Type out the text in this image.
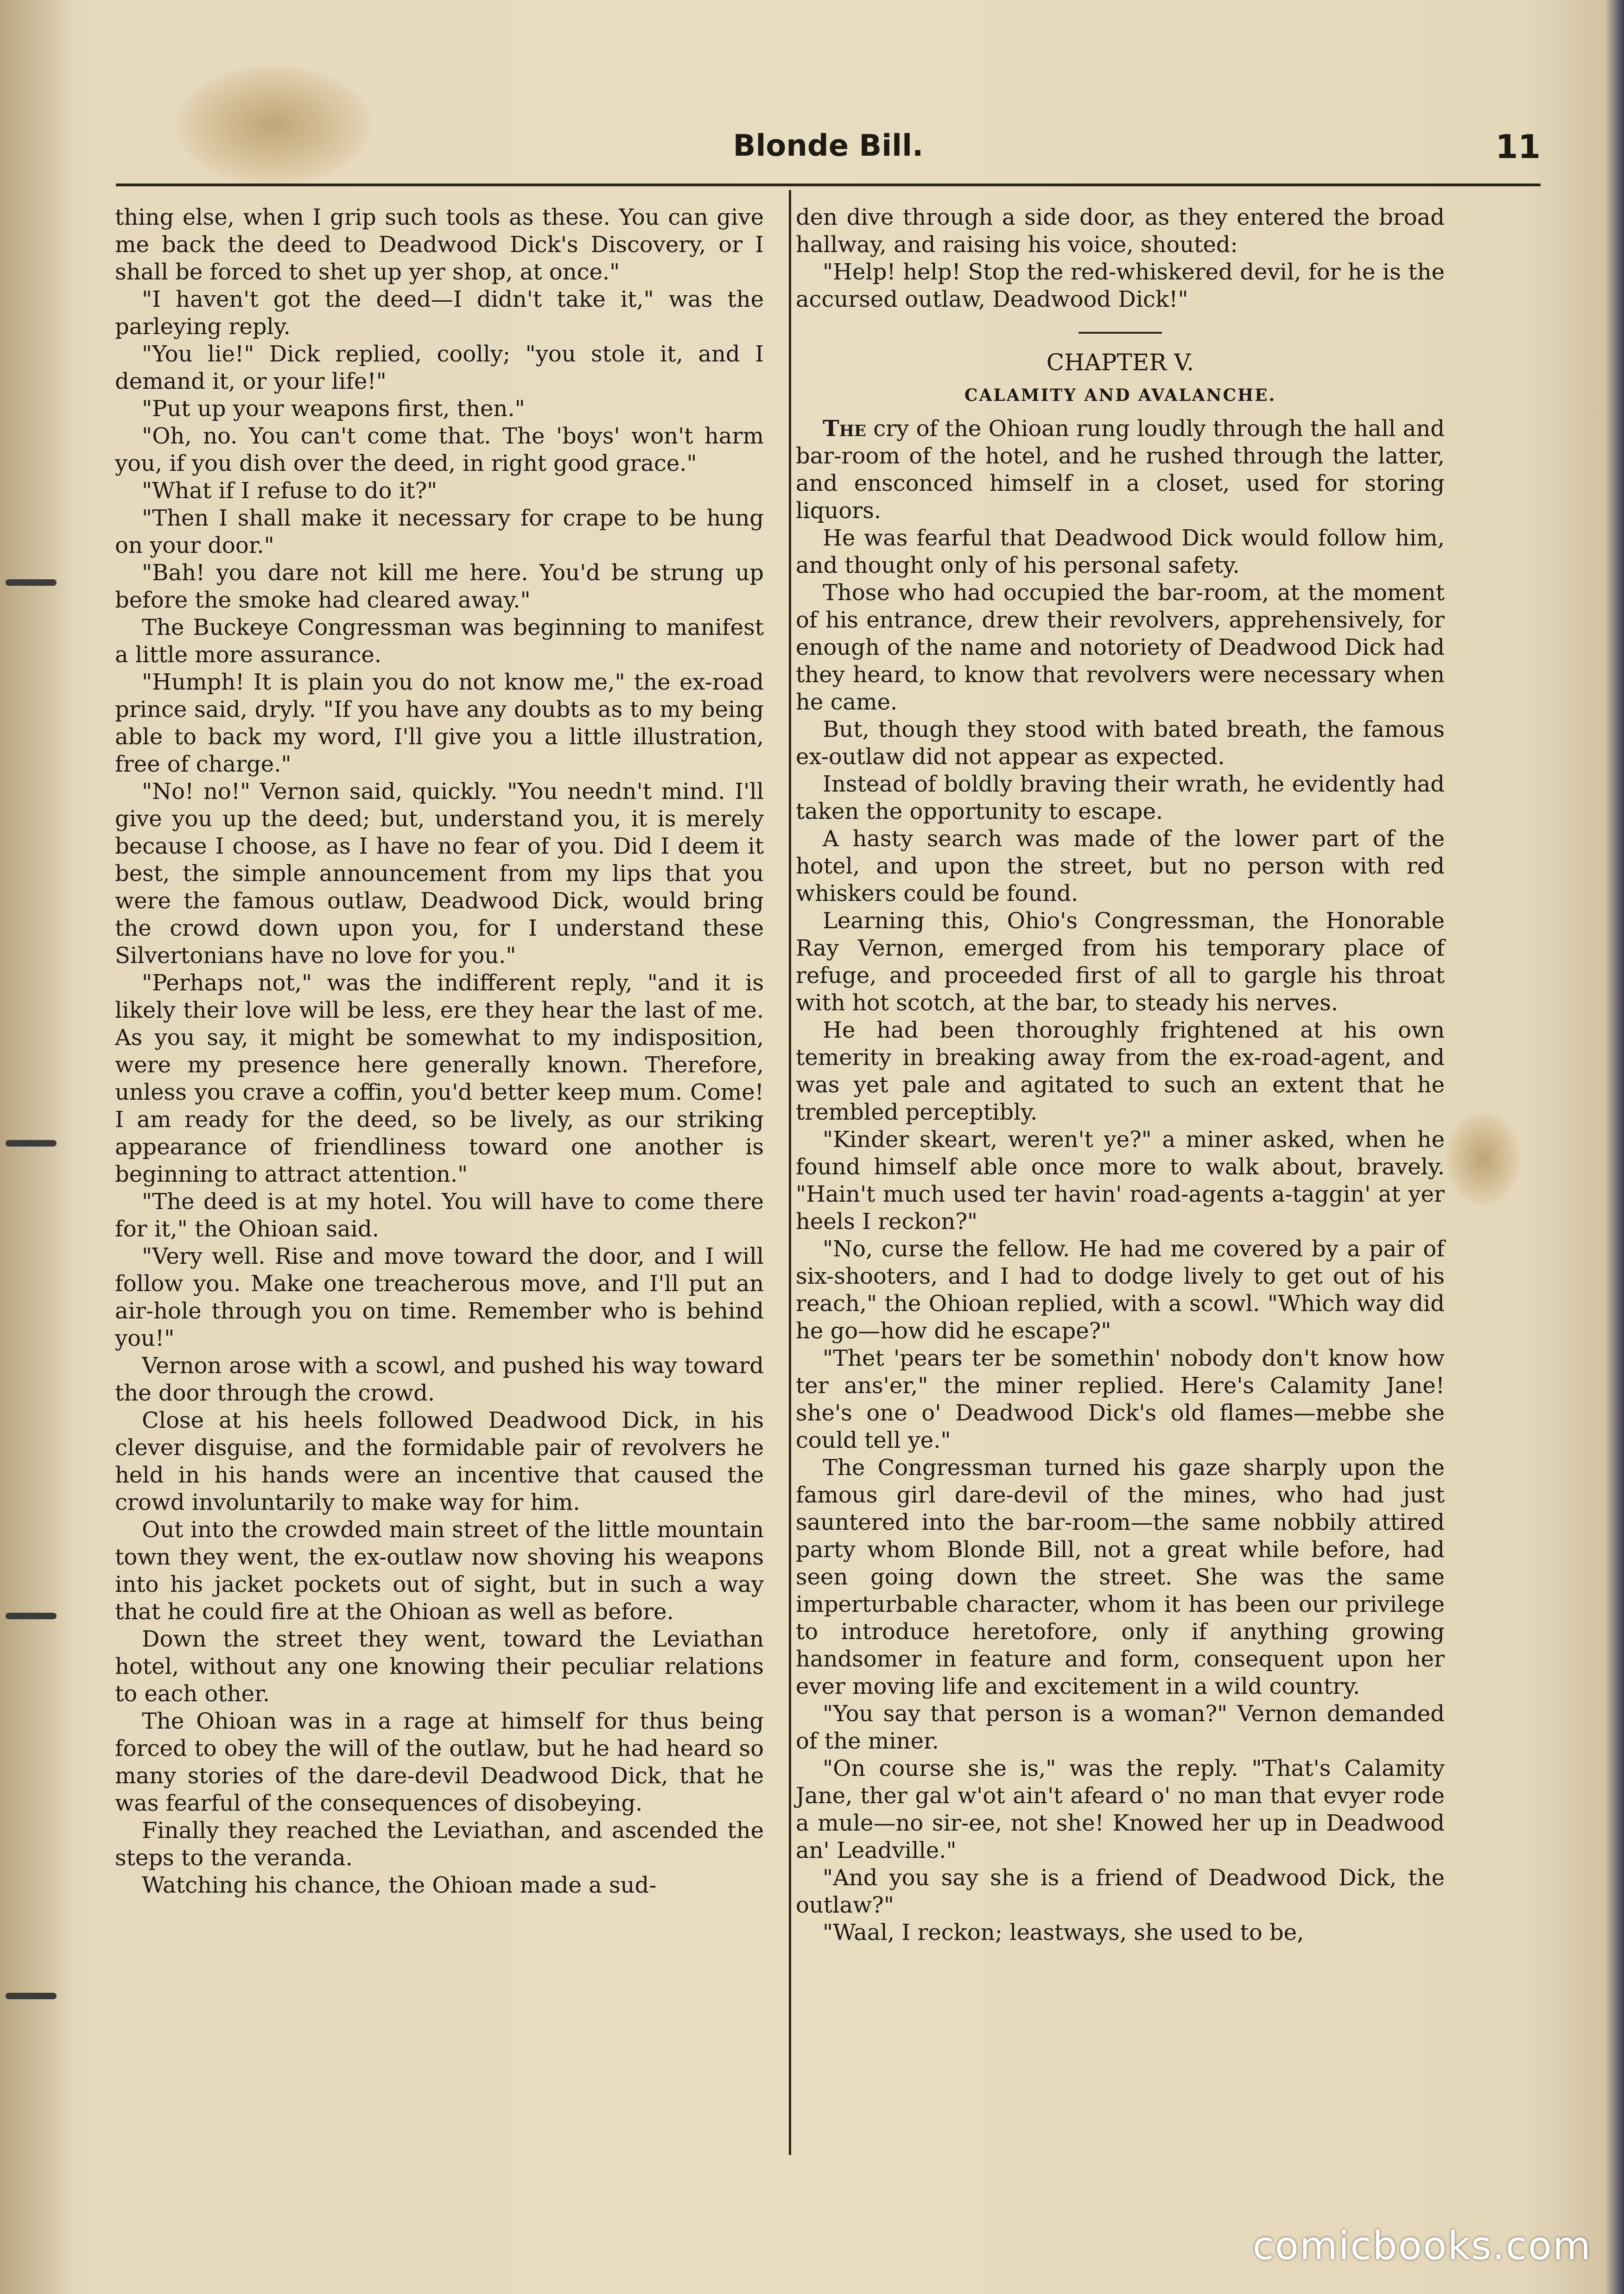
Blonde Bill.	11

thing else, when I grip such tools as these. You can give me back the deed to Deadwood Dick's Discovery, or I shall be forced to shet up yer shop, at once."

"I haven't got the deed—I didn't take it," was the parleying reply.

"You lie!" Dick replied, coolly; "you stole it, and I demand it, or your life!"

"Put up your weapons first, then."

"Oh, no. You can't come that. The 'boys' won't harm you, if you dish over the deed, in right good grace."

"What if I refuse to do it?"

"Then I shall make it necessary for crape to be hung on your door."

"Bah! you dare not kill me here. You'd be strung up before the smoke had cleared away."

The Buckeye Congressman was beginning to manifest a little more assurance.

"Humph! It is plain you do not know me," the ex-road prince said, dryly. "If you have any doubts as to my being able to back my word, I'll give you a little illustration, free of charge."

"No! no!" Vernon said, quickly. "You needn't mind. I'll give you up the deed; but, understand you, it is merely because I choose, as I have no fear of you. Did I deem it best, the simple announcement from my lips that you were the famous outlaw, Deadwood Dick, would bring the crowd down upon you, for I understand these Silvertonians have no love for you."

"Perhaps not," was the indifferent reply, "and it is likely their love will be less, ere they hear the last of me. As you say, it might be somewhat to my indisposition, were my presence here generally known. Therefore, unless you crave a coffin, you'd better keep mum. Come! I am ready for the deed, so be lively, as our striking appearance of friendliness toward one another is beginning to attract attention."

"The deed is at my hotel. You will have to come there for it," the Ohioan said.

"Very well. Rise and move toward the door, and I will follow you. Make one treacherous move, and I'll put an air-hole through you on time. Remember who is behind you!"

Vernon arose with a scowl, and pushed his way toward the door through the crowd.

Close at his heels followed Deadwood Dick, in his clever disguise, and the formidable pair of revolvers he held in his hands were an incentive that caused the crowd involuntarily to make way for him.

Out into the crowded main street of the little mountain town they went, the ex-outlaw now shoving his weapons into his jacket pockets out of sight, but in such a way that he could fire at the Ohioan as well as before.

Down the street they went, toward the Leviathan hotel, without any one knowing their peculiar relations to each other.

The Ohioan was in a rage at himself for thus being forced to obey the will of the outlaw, but he had heard so many stories of the dare-devil Deadwood Dick, that he was fearful of the consequences of disobeying.

Finally they reached the Leviathan, and ascended the steps to the veranda.

Watching his chance, the Ohioan made a sud-

den dive through a side door, as they entered the broad hallway, and raising his voice, shouted:

"Help! help! Stop the red-whiskered devil, for he is the accursed outlaw, Deadwood Dick!"

CHAPTER V.
CALAMITY AND AVALANCHE.

The cry of the Ohioan rung loudly through the hall and bar-room of the hotel, and he rushed through the latter, and ensconced himself in a closet, used for storing liquors.

He was fearful that Deadwood Dick would follow him, and thought only of his personal safety.

Those who had occupied the bar-room, at the moment of his entrance, drew their revolvers, apprehensively, for enough of the name and notoriety of Deadwood Dick had they heard, to know that revolvers were necessary when he came.

But, though they stood with bated breath, the famous ex-outlaw did not appear as expected.

Instead of boldly braving their wrath, he evidently had taken the opportunity to escape.

A hasty search was made of the lower part of the hotel, and upon the street, but no person with red whiskers could be found.

Learning this, Ohio's Congressman, the Honorable Ray Vernon, emerged from his temporary place of refuge, and proceeded first of all to gargle his throat with hot scotch, at the bar, to steady his nerves.

He had been thoroughly frightened at his own temerity in breaking away from the ex-road-agent, and was yet pale and agitated to such an extent that he trembled perceptibly.

"Kinder skeart, weren't ye?" a miner asked, when he found himself able once more to walk about, bravely. "Hain't much used ter havin' road-agents a-taggin' at yer heels I reckon?"

"No, curse the fellow. He had me covered by a pair of six-shooters, and I had to dodge lively to get out of his reach," the Ohioan replied, with a scowl. "Which way did he go—how did he escape?"

"Thet 'pears ter be somethin' nobody don't know how ter ans'er," the miner replied. Here's Calamity Jane! she's one o' Deadwood Dick's old flames—mebbe she could tell ye."

The Congressman turned his gaze sharply upon the famous girl dare-devil of the mines, who had just sauntered into the bar-room—the same nobbily attired party whom Blonde Bill, not a great while before, had seen going down the street. She was the same imperturbable character, whom it has been our privilege to introduce heretofore, only if anything growing handsomer in feature and form, consequent upon her ever moving life and excitement in a wild country.

"You say that person is a woman?" Vernon demanded of the miner.

"On course she is," was the reply. "That's Calamity Jane, ther gal w'ot ain't afeard o' no man that evyer rode a mule—no sir-ee, not she! Knowed her up in Deadwood an' Leadville."

"And you say she is a friend of Deadwood Dick, the outlaw?"

"Waal, I reckon; leastways, she used to be,

comicbooks.com
